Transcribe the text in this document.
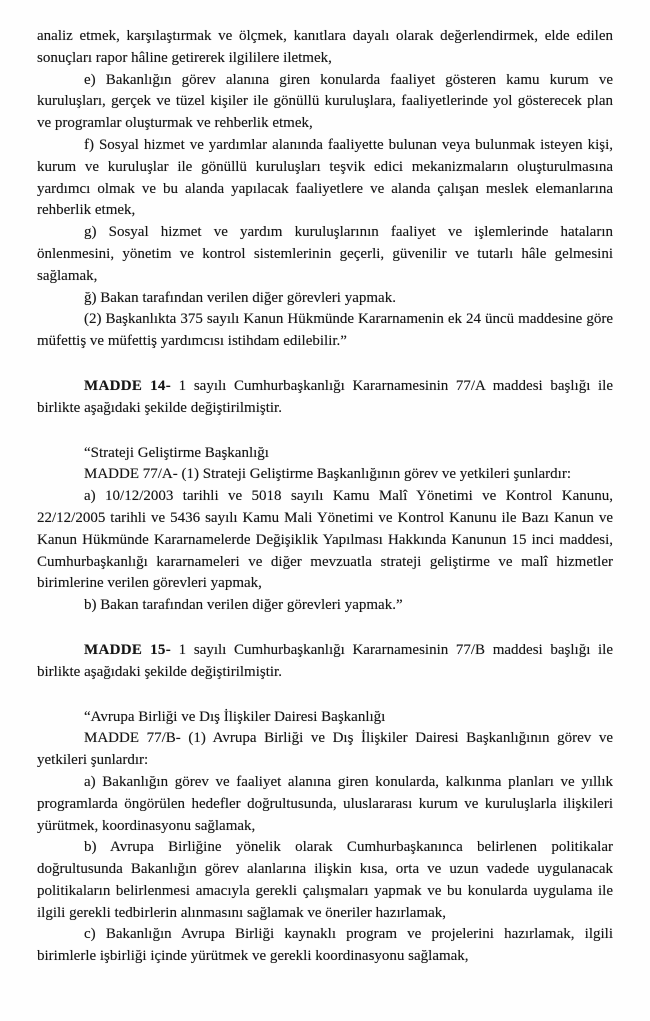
analiz etmek, karşılaştırmak ve ölçmek, kanıtlara dayalı olarak değerlendirmek, elde edilen sonuçları rapor hâline getirerek ilgililere iletmek,

e) Bakanlığın görev alanına giren konularda faaliyet gösteren kamu kurum ve kuruluşları, gerçek ve tüzel kişiler ile gönüllü kuruluşlara, faaliyetlerinde yol gösterecek plan ve programlar oluşturmak ve rehberlik etmek,

f) Sosyal hizmet ve yardımlar alanında faaliyette bulunan veya bulunmak isteyen kişi, kurum ve kuruluşlar ile gönüllü kuruluşları teşvik edici mekanizmaların oluşturulmasına yardımcı olmak ve bu alanda yapılacak faaliyetlere ve alanda çalışan meslek elemanlarına rehberlik etmek,

g) Sosyal hizmet ve yardım kuruluşlarının faaliyet ve işlemlerinde hataların önlenmesini, yönetim ve kontrol sistemlerinin geçerli, güvenilir ve tutarlı hâle gelmesini sağlamak,

ğ) Bakan tarafından verilen diğer görevleri yapmak.

(2) Başkanlıkta 375 sayılı Kanun Hükmünde Kararnamenin ek 24 üncü maddesine göre müfettiş ve müfettiş yardımcısı istihdam edilebilir.”

MADDE 14- 1 sayılı Cumhurbaşkanlığı Kararnamesinin 77/A maddesi başlığı ile birlikte aşağıdaki şekilde değiştirilmiştir.

“Strateji Geliştirme Başkanlığı

MADDE 77/A- (1) Strateji Geliştirme Başkanlığının görev ve yetkileri şunlardır:

a) 10/12/2003 tarihli ve 5018 sayılı Kamu Malî Yönetimi ve Kontrol Kanunu, 22/12/2005 tarihli ve 5436 sayılı Kamu Mali Yönetimi ve Kontrol Kanunu ile Bazı Kanun ve Kanun Hükmünde Kararnamelerde Değişiklik Yapılması Hakkında Kanunun 15 inci maddesi, Cumhurbaşkanlığı kararnameleri ve diğer mevzuatla strateji geliştirme ve malî hizmetler birimlerine verilen görevleri yapmak,

b) Bakan tarafından verilen diğer görevleri yapmak.”

MADDE 15- 1 sayılı Cumhurbaşkanlığı Kararnamesinin 77/B maddesi başlığı ile birlikte aşağıdaki şekilde değiştirilmiştir.

“Avrupa Birliği ve Dış İlişkiler Dairesi Başkanlığı

MADDE 77/B- (1) Avrupa Birliği ve Dış İlişkiler Dairesi Başkanlığının görev ve yetkileri şunlardır:

a) Bakanlığın görev ve faaliyet alanına giren konularda, kalkınma planları ve yıllık programlarda öngörülen hedefler doğrultusunda, uluslararası kurum ve kuruluşlarla ilişkileri yürütmek, koordinasyonu sağlamak,

b) Avrupa Birliğine yönelik olarak Cumhurbaşkanınca belirlenen politikalar doğrultusunda Bakanlığın görev alanlarına ilişkin kısa, orta ve uzun vadede uygulanacak politikaların belirlenmesi amacıyla gerekli çalışmaları yapmak ve bu konularda uygulama ile ilgili gerekli tedbirlerin alınmasını sağlamak ve öneriler hazırlamak,

c) Bakanlığın Avrupa Birliği kaynaklı program ve projelerini hazırlamak, ilgili birimlerle işbirliği içinde yürütmek ve gerekli koordinasyonu sağlamak,
